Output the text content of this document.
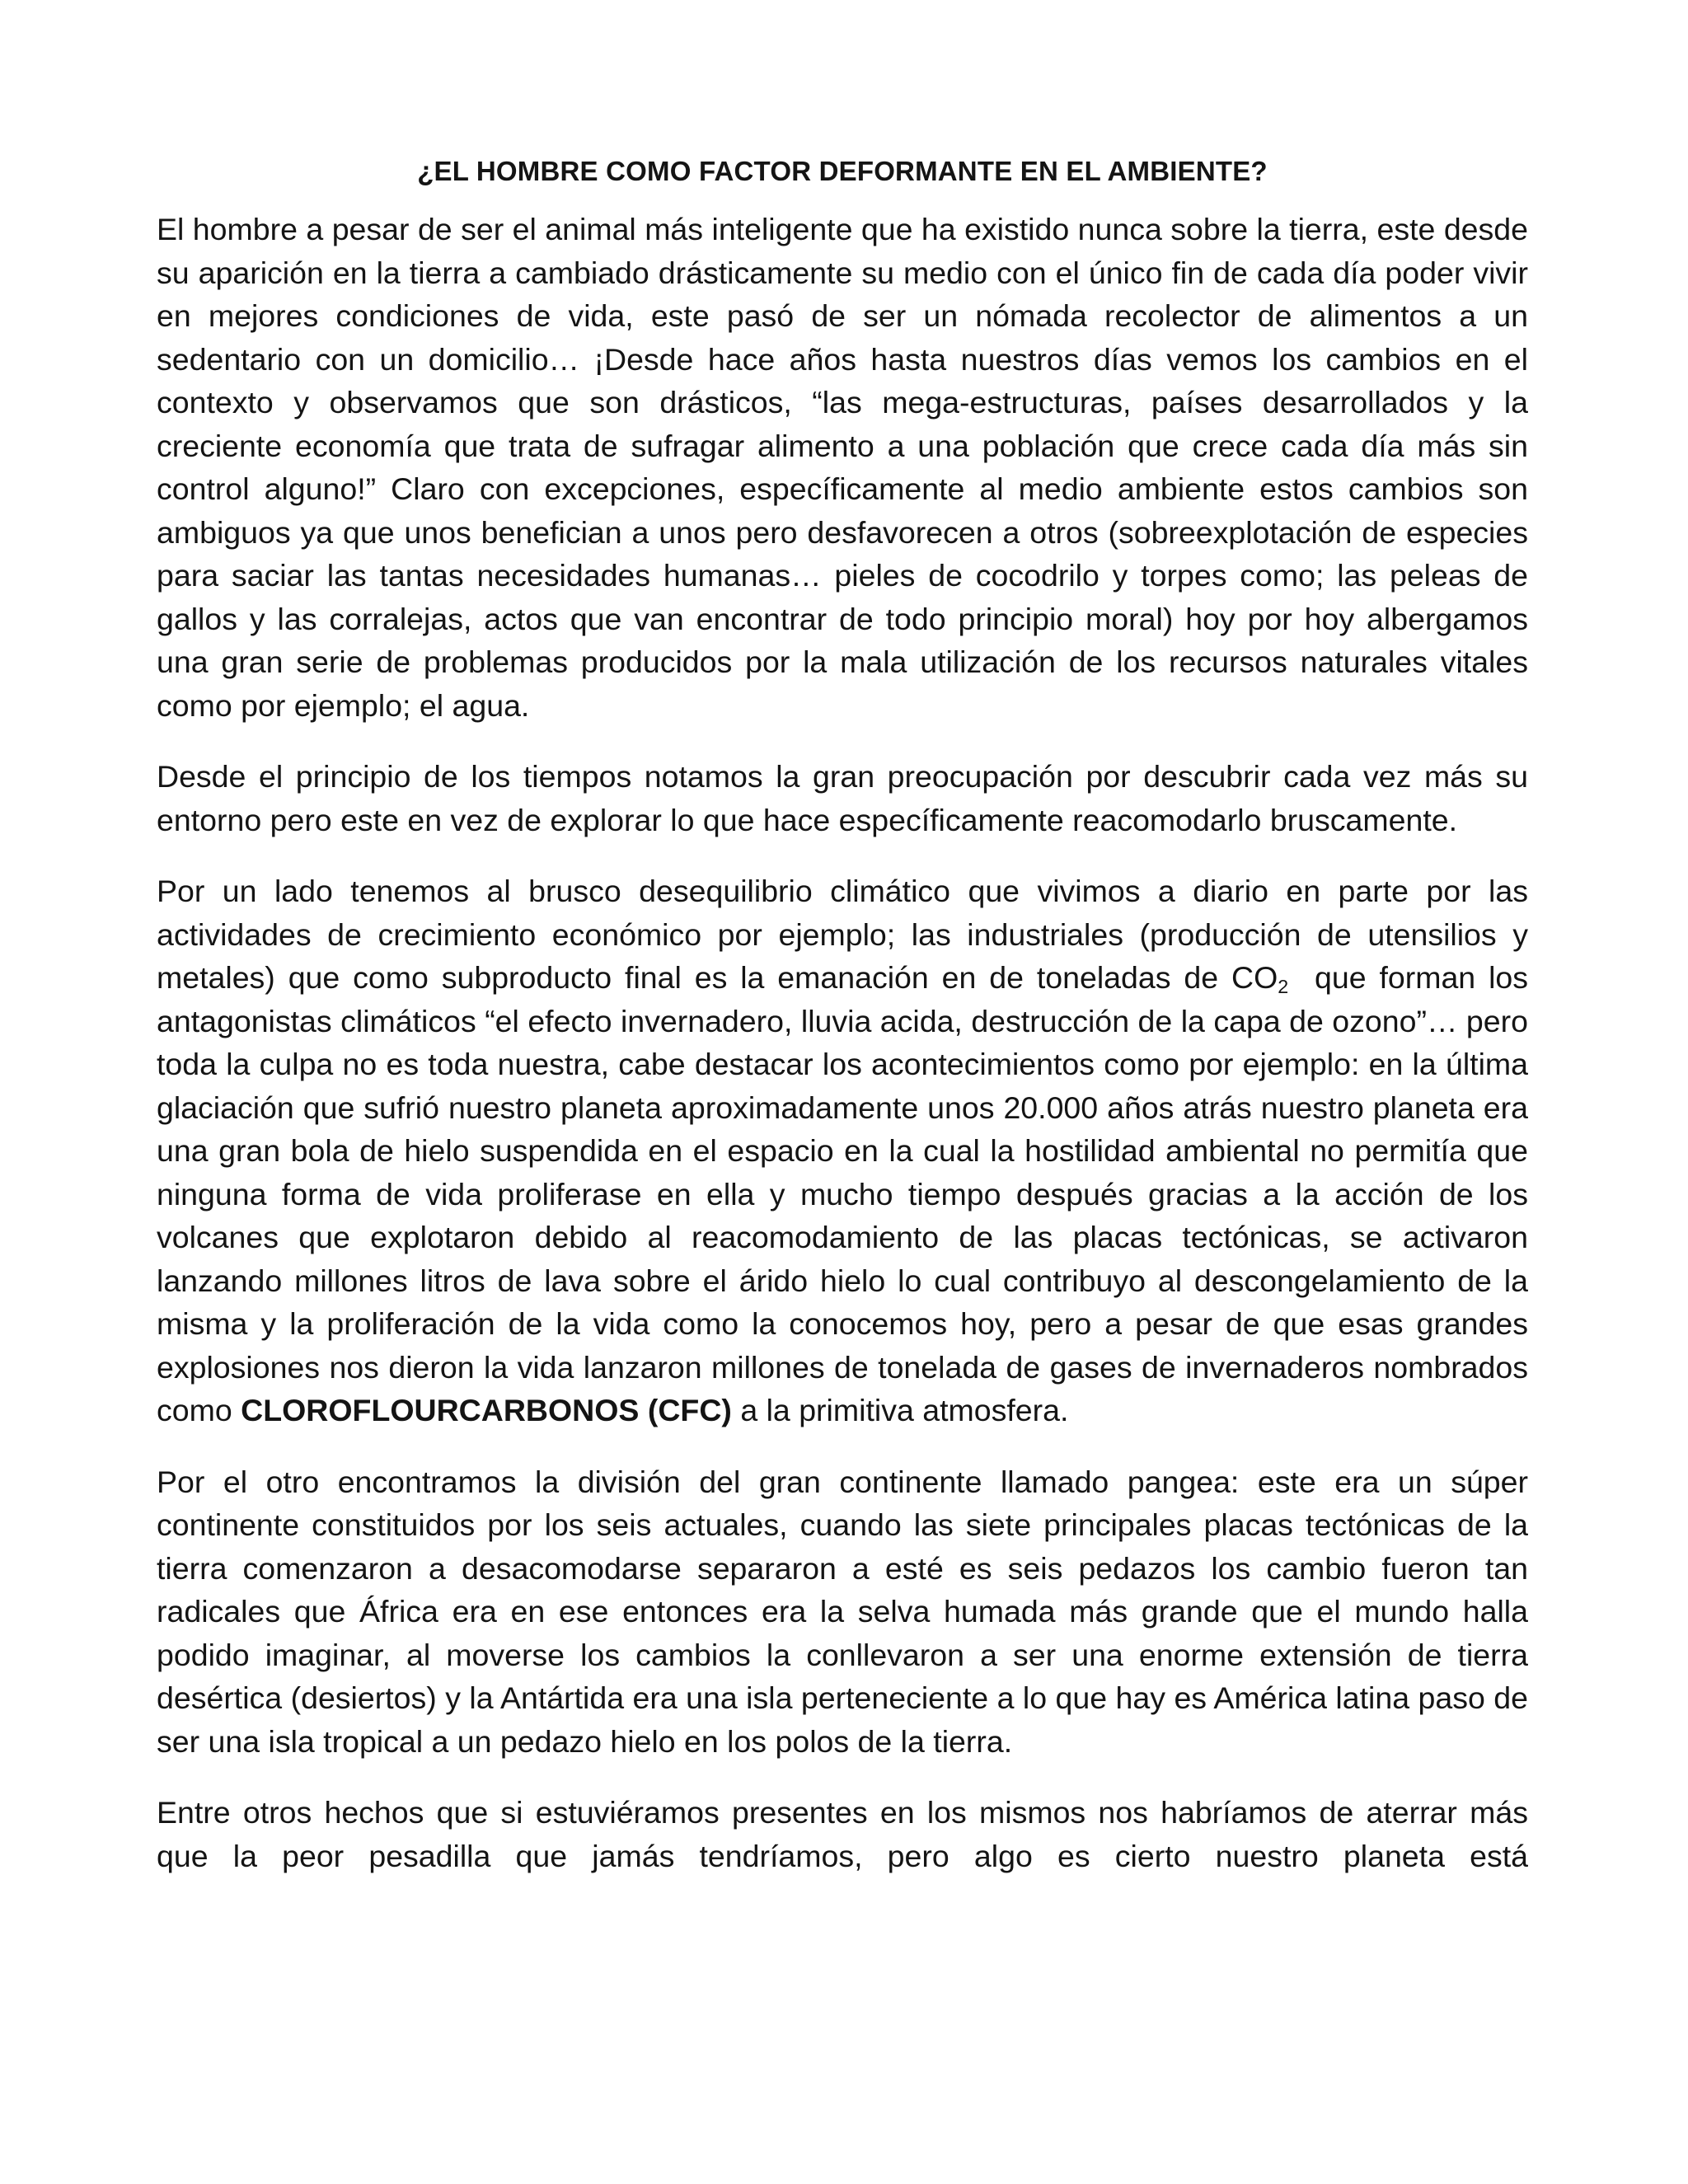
¿EL HOMBRE COMO FACTOR DEFORMANTE EN EL AMBIENTE?

El hombre a pesar de ser el animal más inteligente que ha existido nunca sobre la tierra, este desde su aparición en la tierra a cambiado drásticamente su medio con el único fin de cada día poder vivir en mejores condiciones de vida, este pasó de ser un nómada recolector de alimentos a un sedentario con un domicilio… ¡Desde hace años hasta nuestros días vemos los cambios en el contexto y observamos que son drásticos, “las mega-estructuras, países desarrollados y la creciente economía que trata de sufragar alimento a una población que crece cada día más sin control alguno!” Claro con excepciones, específicamente al medio ambiente estos cambios son ambiguos ya que unos benefician a unos pero desfavorecen a otros (sobreexplotación de especies para saciar las tantas necesidades humanas… pieles de cocodrilo y torpes como; las peleas de gallos y las corralejas, actos que van encontrar de todo principio moral) hoy por hoy albergamos una gran serie de problemas producidos por la mala utilización de los recursos naturales vitales como por ejemplo; el agua.

Desde el principio de los tiempos notamos la gran preocupación por descubrir cada vez más su entorno pero este en vez de explorar lo que hace específicamente reacomodarlo bruscamente.

Por un lado tenemos al brusco desequilibrio climático que vivimos a diario en parte por las actividades de crecimiento económico por ejemplo; las industriales (producción de utensilios y metales) que como subproducto final es la emanación en de toneladas de $CO_2$  que forman los antagonistas climáticos “el efecto invernadero, lluvia acida, destrucción de la capa de ozono”… pero toda la culpa no es toda nuestra, cabe destacar los acontecimientos como por ejemplo: en la última glaciación que sufrió nuestro planeta aproximadamente unos 20.000 años atrás nuestro planeta era una gran bola de hielo suspendida en el espacio en la cual la hostilidad ambiental no permitía que ninguna forma de vida proliferase en ella y mucho tiempo después gracias a la acción de los volcanes que explotaron debido al reacomodamiento de las placas tectónicas, se activaron lanzando millones litros de lava sobre el árido hielo lo cual contribuyo al descongelamiento de la misma y la proliferación de la vida como la conocemos hoy, pero a pesar de que esas grandes explosiones nos dieron la vida lanzaron millones de tonelada de gases de invernaderos nombrados como CLOROFLOURCARBONOS (CFC) a la primitiva atmosfera.

Por el otro encontramos la división del gran continente llamado pangea: este era un súper continente constituidos por los seis actuales, cuando las siete principales placas tectónicas de la tierra comenzaron a desacomodarse separaron a esté es seis pedazos los cambio fueron tan radicales que África era en ese entonces era la selva humada más grande que el mundo halla podido imaginar, al moverse los cambios la conllevaron a ser una enorme extensión de tierra desértica (desiertos) y la Antártida era una isla perteneciente a lo que hay es América latina paso de ser una isla tropical a un pedazo hielo en los polos de la tierra.

Entre otros hechos que si estuviéramos presentes en los mismos nos habríamos de aterrar más que la peor pesadilla que jamás tendríamos, pero algo es cierto nuestro planeta está
